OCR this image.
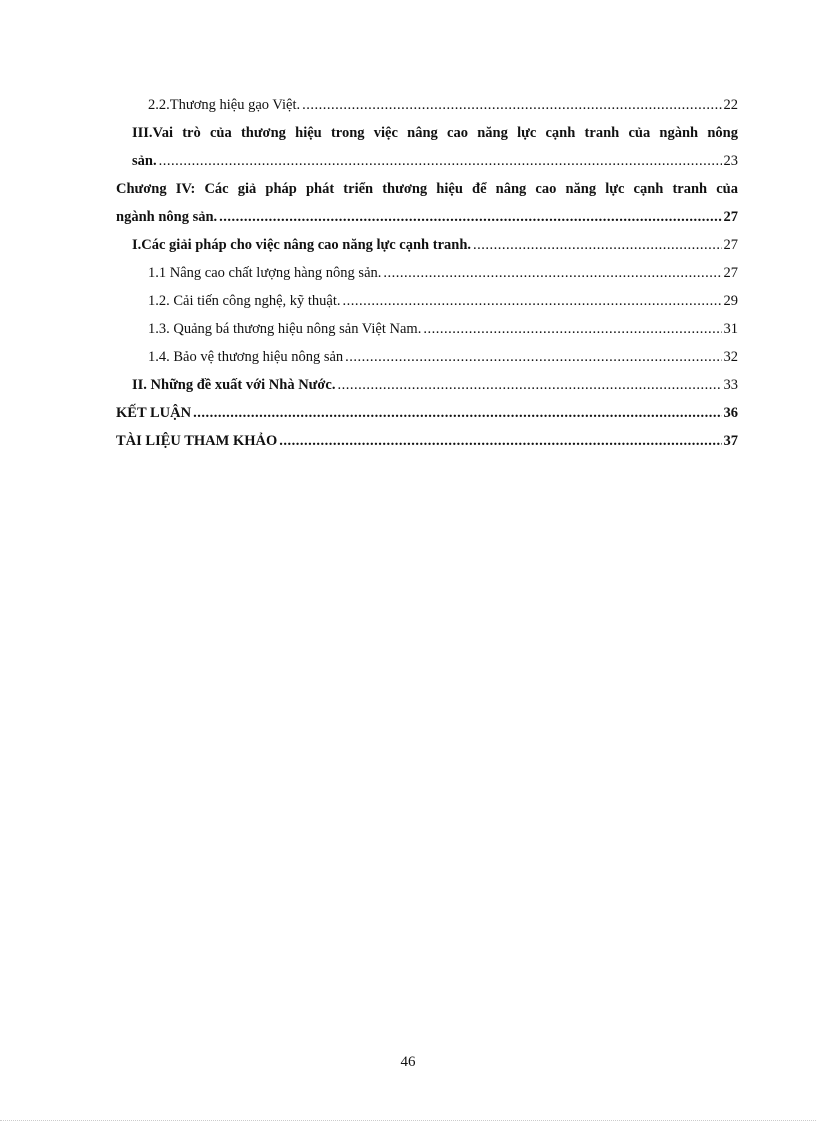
2.2.Thương hiệu gạo Việt. .....	22
III.Vai trò của thương hiệu trong việc nâng cao năng lực cạnh tranh của ngành nông
sản. .....	23
Chương IV: Các giả pháp phát triển thương hiệu để nâng cao năng lực cạnh tranh của
ngành nông sản. .....	27
I.Các giải pháp cho việc nâng cao năng lực cạnh tranh. .....	27
1.1 Nâng cao chất lượng hàng nông sản. .....	27
1.2. Cải tiến công nghệ, kỹ thuật. .....	29
1.3. Quảng bá thương hiệu nông sản Việt Nam. .....	31
1.4. Bảo vệ thương hiệu nông sản .....	32
II. Những đề xuất với Nhà Nước. .....	33
KẾT LUẬN .....	36
TÀI LIỆU THAM KHẢO .....	37
46
